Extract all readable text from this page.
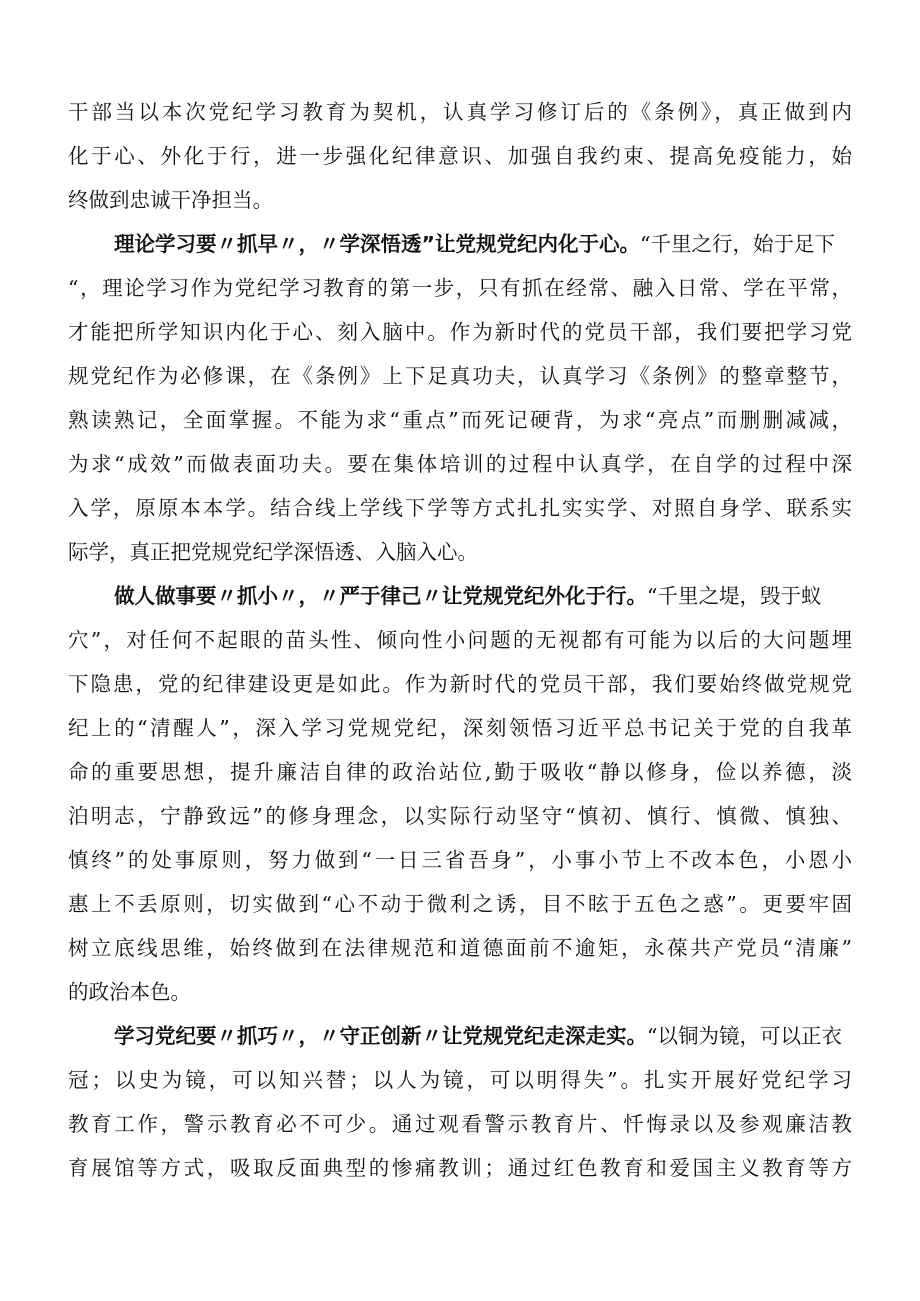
干部当以本次党纪学习教育为契机，认真学习修订后的《条例》，真正做到内
化于心、外化于行，进一步强化纪律意识、加强自我约束、提高免疫能力，始
终做到忠诚干净担当。
理论学习要〃抓早〃，〃学深悟透”让党规党纪内化于心。“千里之行，始于足下
“，理论学习作为党纪学习教育的第一步，只有抓在经常、融入日常、学在平常，
才能把所学知识内化于心、刻入脑中。作为新时代的党员干部，我们要把学习党
规党纪作为必修课，在《条例》上下足真功夫，认真学习《条例》的整章整节，
熟读熟记，全面掌握。不能为求“重点”而死记硬背，为求“亮点”而删删减减，
为求“成效”而做表面功夫。要在集体培训的过程中认真学，在自学的过程中深
入学，原原本本学。结合线上学线下学等方式扎扎实实学、对照自身学、联系实
际学，真正把党规党纪学深悟透、入脑入心。
做人做事要〃抓小〃，〃严于律己〃让党规党纪外化于行。“千里之堤，毁于蚁
穴”，对任何不起眼的苗头性、倾向性小问题的无视都有可能为以后的大问题埋
下隐患，党的纪律建设更是如此。作为新时代的党员干部，我们要始终做党规党
纪上的“清醒人”，深入学习党规党纪，深刻领悟习近平总书记关于党的自我革
命的重要思想，提升廉洁自律的政治站位,勤于吸收“静以修身，俭以养德，淡
泊明志，宁静致远”的修身理念，以实际行动坚守“慎初、慎行、慎微、慎独、
慎终”的处事原则，努力做到“一日三省吾身”，小事小节上不改本色，小恩小
惠上不丢原则，切实做到“心不动于微利之诱，目不眩于五色之惑”。更要牢固
树立底线思维，始终做到在法律规范和道德面前不逾矩，永葆共产党员“清廉”
的政治本色。
学习党纪要〃抓巧〃，〃守正创新〃让党规党纪走深走实。“以铜为镜，可以正衣
冠；以史为镜，可以知兴替；以人为镜，可以明得失”。扎实开展好党纪学习
教育工作，警示教育必不可少。通过观看警示教育片、忏悔录以及参观廉洁教
育展馆等方式，吸取反面典型的惨痛教训；通过红色教育和爱国主义教育等方
